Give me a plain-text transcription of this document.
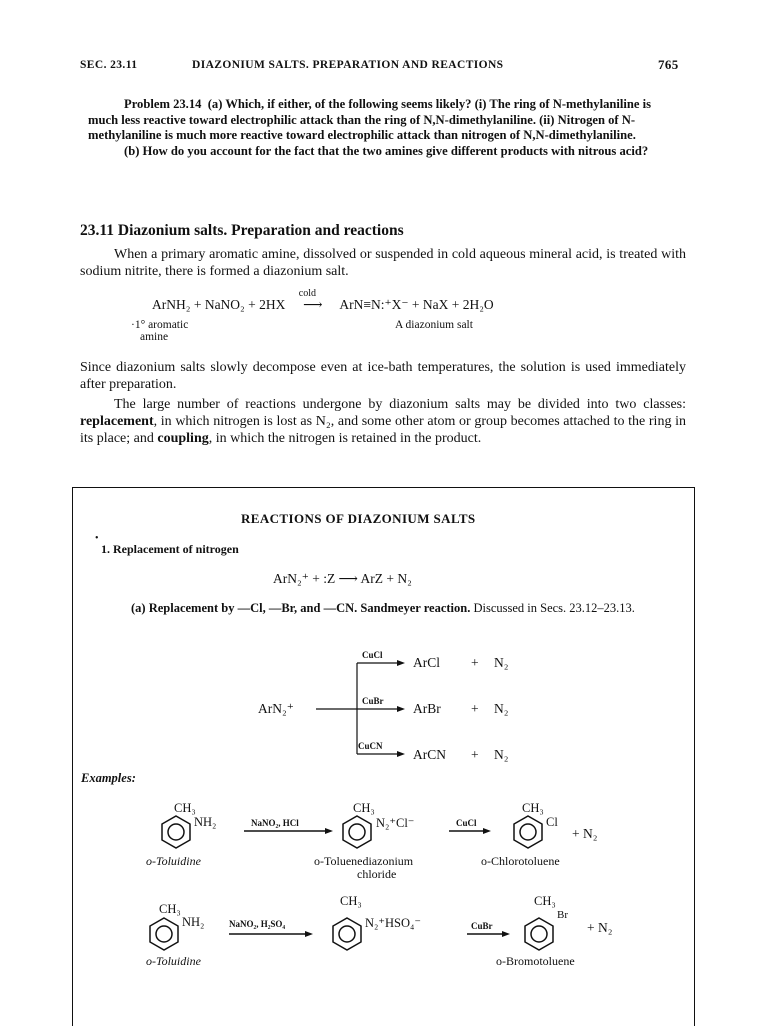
SEC. 23.11	DIAZONIUM SALTS. PREPARATION AND REACTIONS	765

Problem 23.14 (a) Which, if either, of the following seems likely? (i) The ring of N-methylaniline is much less reactive toward electrophilic attack than the ring of N,N-dimethylaniline. (ii) Nitrogen of N-methylaniline is much more reactive toward electrophilic attack than nitrogen of N,N-dimethylaniline.

(b) How do you account for the fact that the two amines give different products with nitrous acid?

23.11 Diazonium salts. Preparation and reactions
When a primary aromatic amine, dissolved or suspended in cold aqueous mineral acid, is treated with sodium nitrite, there is formed a diazonium salt.
ArNH₂ + NaNO₂ + 2HX
cold
⟶ ArN≡N:⁺X⁻ + NaX + 2H₂O
·1° aromatic
amine
A diazonium salt
Since diazonium salts slowly decompose even at ice-bath temperatures, the solution is used immediately after preparation.
The large number of reactions undergone by diazonium salts may be divided into two classes: replacement, in which nitrogen is lost as N₂, and some other atom or group becomes attached to the ring in its place; and coupling, in which the nitrogen is retained in the product.
REACTIONS OF DIAZONIUM SALTS
•
1. Replacement of nitrogen
ArN₂⁺ + :Z ⟶ ArZ + N₂
(a) Replacement by —Cl, —Br, and —CN. Sandmeyer reaction. Discussed in Secs. 23.12–23.13.
ArN₂⁺
CuCl
CuBr
CuCN
ArCl + N₂
ArBr + N₂
ArCN + N₂
Examples:
CH₃
NH₂	NaNO₂, HCl
CH₃
N₂⁺Cl⁻	CuCl
CH₃
Cl
+ N₂
o-Toluidine	o-Toluenediazonium
chloride
o-Chlorotoluene
CH₃
NH₂	NaNO₂, H₂SO₄
CH₃
N₂⁺HSO₄⁻	CuBr
CH₃
Br
+ N₂
o-Toluidine	o-Bromotoluene
